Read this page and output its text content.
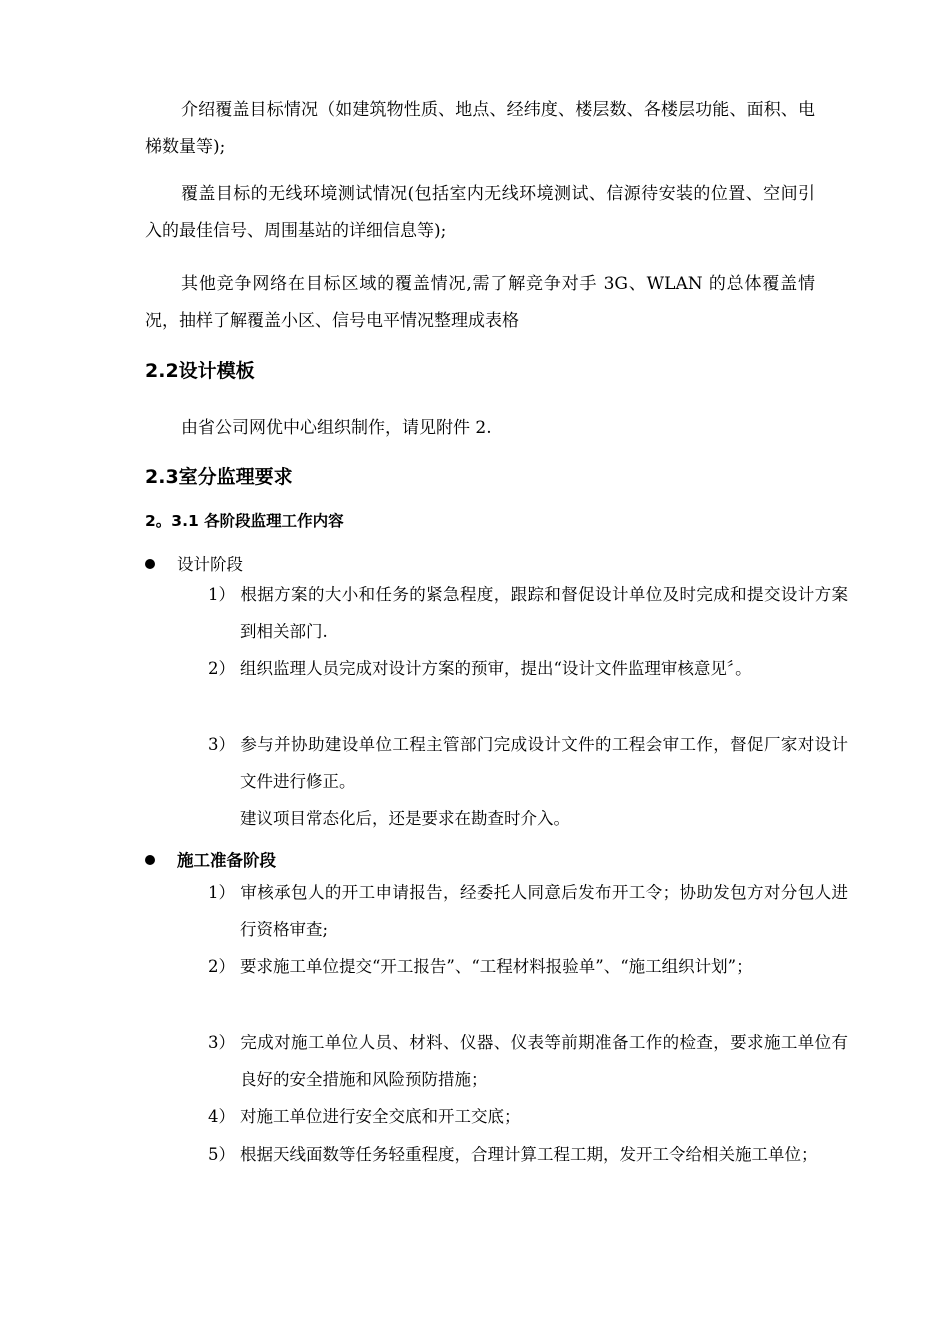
介绍覆盖目标情况（如建筑物性质、地点、经纬度、楼层数、各楼层功能、面积、电梯数量等);

覆盖目标的无线环境测试情况(包括室内无线环境测试、信源待安装的位置、空间引入的最佳信号、周围基站的详细信息等);

其他竞争网络在目标区域的覆盖情况,需了解竞争对手 3G、WLAN 的总体覆盖情况，抽样了解覆盖小区、信号电平情况整理成表格

2.2设计模板

由省公司网优中心组织制作，请见附件 2.

2.3室分监理要求
2。3.1 各阶段监理工作内容
设计阶段

1） 根据方案的大小和任务的紧急程度，跟踪和督促设计单位及时完成和提交设计方案到相关部门.

2） 组织监理人员完成对设计方案的预审，提出“设计文件监理审核意见〞。

3） 参与并协助建设单位工程主管部门完成设计文件的工程会审工作，督促厂家对设计文件进行修正。

建议项目常态化后，还是要求在勘查时介入。

施工准备阶段

1） 审核承包人的开工申请报告，经委托人同意后发布开工令；协助发包方对分包人进行资格审查;

2） 要求施工单位提交“开工报告”、“工程材料报验单”、“施工组织计划”；

3） 完成对施工单位人员、材料、仪器、仪表等前期准备工作的检查，要求施工单位有良好的安全措施和风险预防措施；

4） 对施工单位进行安全交底和开工交底；

5） 根据天线面数等任务轻重程度，合理计算工程工期，发开工令给相关施工单位；
